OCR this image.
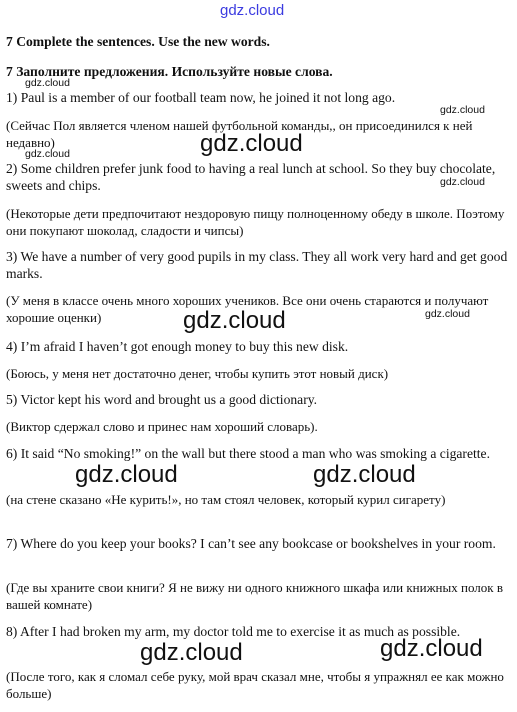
gdz.cloud

7 Complete the sentences. Use the new words.

7 Заполните предложения. Используйте новые слова.

1) Paul is a member of our football team now, he joined it not long ago.

(Сейчас Пол является членом нашей футбольной команды,, он присоединился к ней недавно)

2) Some children prefer junk food to having a real lunch at school. So they buy chocolate, sweets and chips.

(Некоторые дети предпочитают нездоровую пищу полноценному обеду в школе. Поэтому они покупают шоколад, сладости и чипсы)

3) We have a number of very good pupils in my class. They all work very hard and get good marks.

(У меня в классе очень много хороших учеников. Все они очень стараются и получают хорошие оценки)

4) I’m afraid I haven’t got enough money to buy this new disk.

(Боюсь, у меня нет достаточно денег, чтобы купить этот новый диск)

5) Victor kept his word and brought us a good dictionary.

(Виктор сдержал слово и принес нам хороший словарь).

6) It said “No smoking!” on the wall but there stood a man who was smoking a cigarette.

(на стене сказано «Не курить!», но там стоял человек, который курил сигарету)

7) Where do you keep your books? I can’t see any bookcase or bookshelves in your room.

(Где вы храните свои книги? Я не вижу ни одного книжного шкафа или книжных полок в вашей комнате)

8) After I had broken my arm, my doctor told me to exercise it as much as possible.

(После того, как я сломал себе руку, мой врач сказал мне, чтобы я упражнял ее как можно больше)

gdz.cloud
gdz.cloud
gdz.cloud	gdz.cloud
gdz.cloud
gdz.cloud	gdz.cloud
gdz.cloud	gdz.cloud
gdz.cloud	gdz.cloud
